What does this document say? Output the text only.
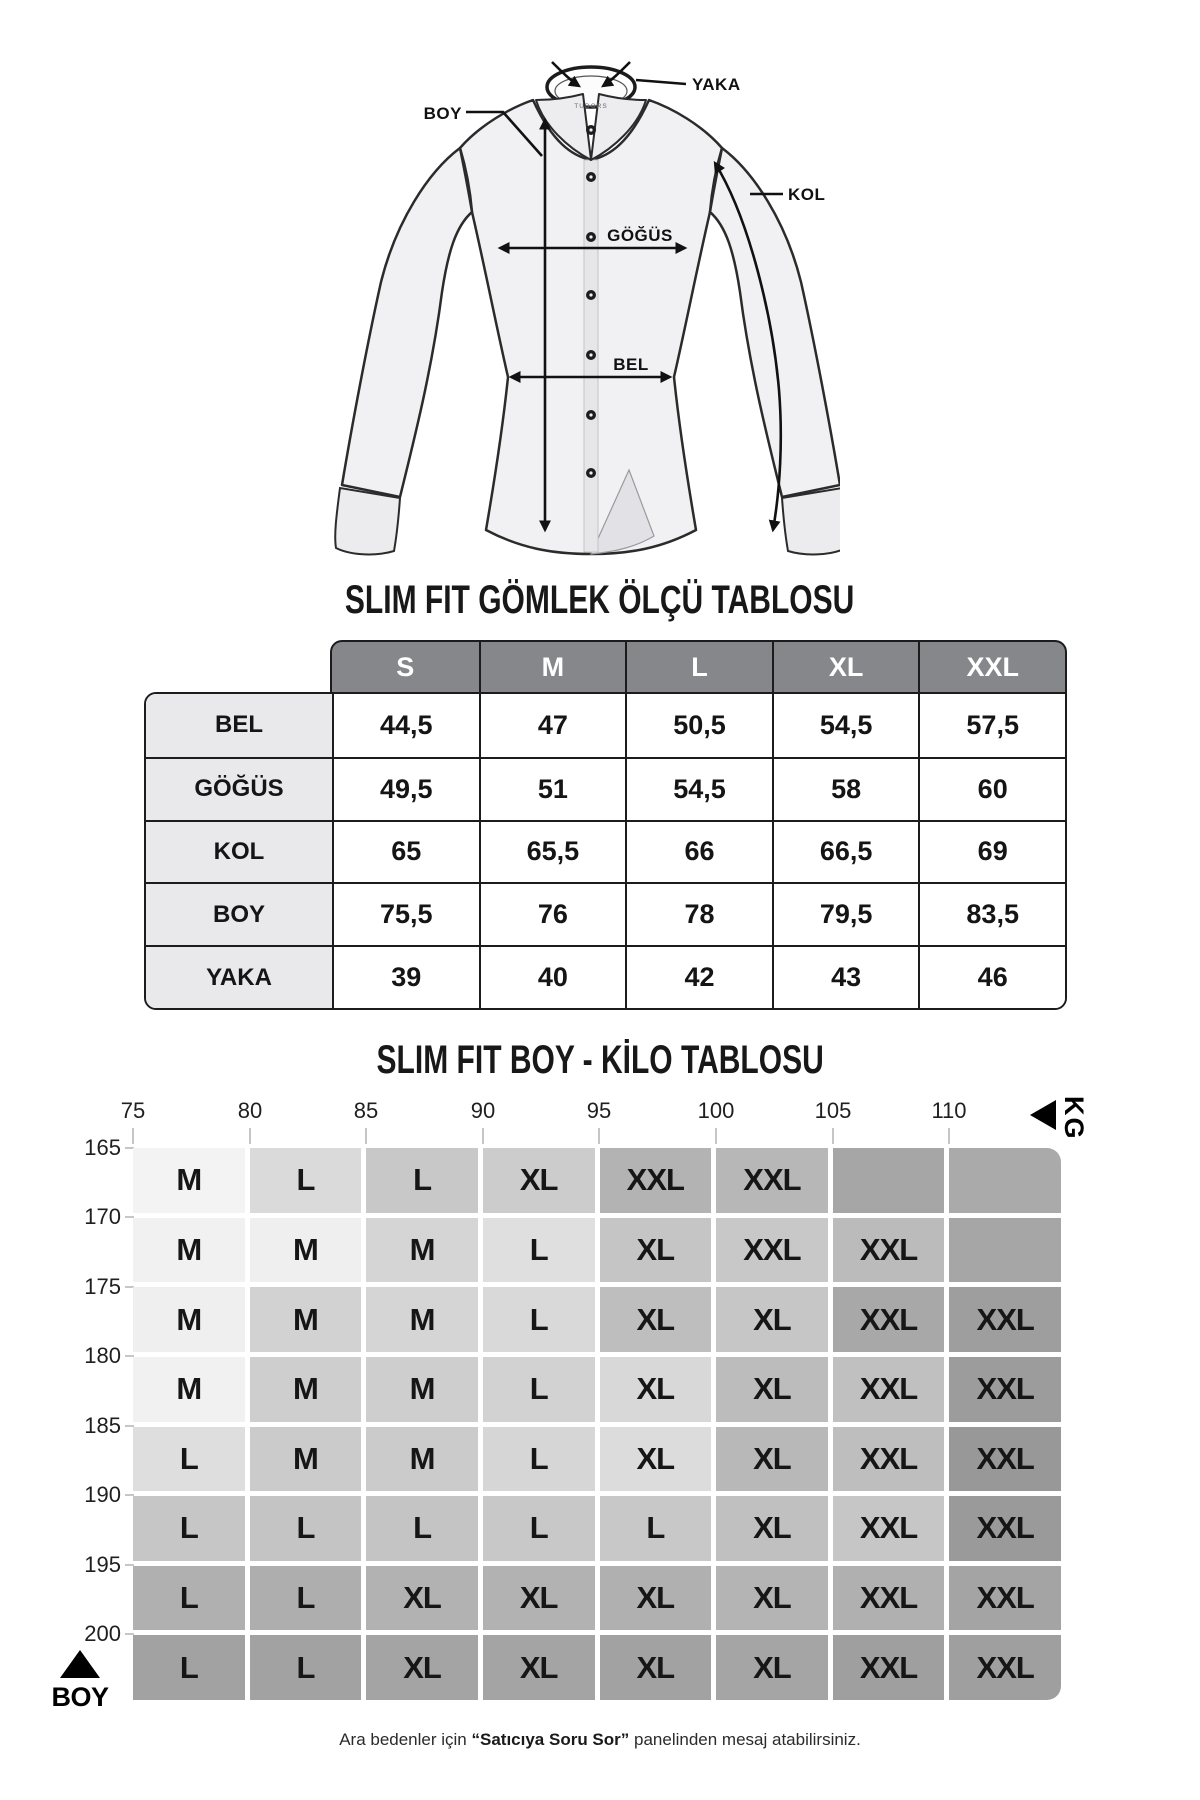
TUDORS
YAKA
BOY
KOL
GÖĞÜS
BEL
SLIM FIT GÖMLEK ÖLÇÜ TABLOSU
S	M	L	XL	XXL
BEL	44,5	47	50,5	54,5	57,5
GÖĞÜS	49,5	51	54,5	58	60
KOL	65	65,5	66	66,5	69
BOY	75,5	76	78	79,5	83,5
YAKA	39	40	42	43	46
SLIM FIT BOY - KİLO TABLOSU
75	80	85	90	95	100	105	110	KG
165
170
175
180
185
190
195
200
M	L	L	XL	XXL	XXL
M	M	M	L	XL	XXL	XXL
M	M	M	L	XL	XL	XXL	XXL
M	M	M	L	XL	XL	XXL	XXL
L	M	M	L	XL	XL	XXL	XXL
L	L	L	L	L	XL	XXL	XXL
L	L	XL	XL	XL	XL	XXL	XXL
L	L	XL	XL	XL	XL	XXL	XXL
BOY
Ara bedenler için “Satıcıya Soru Sor” panelinden mesaj atabilirsiniz.
